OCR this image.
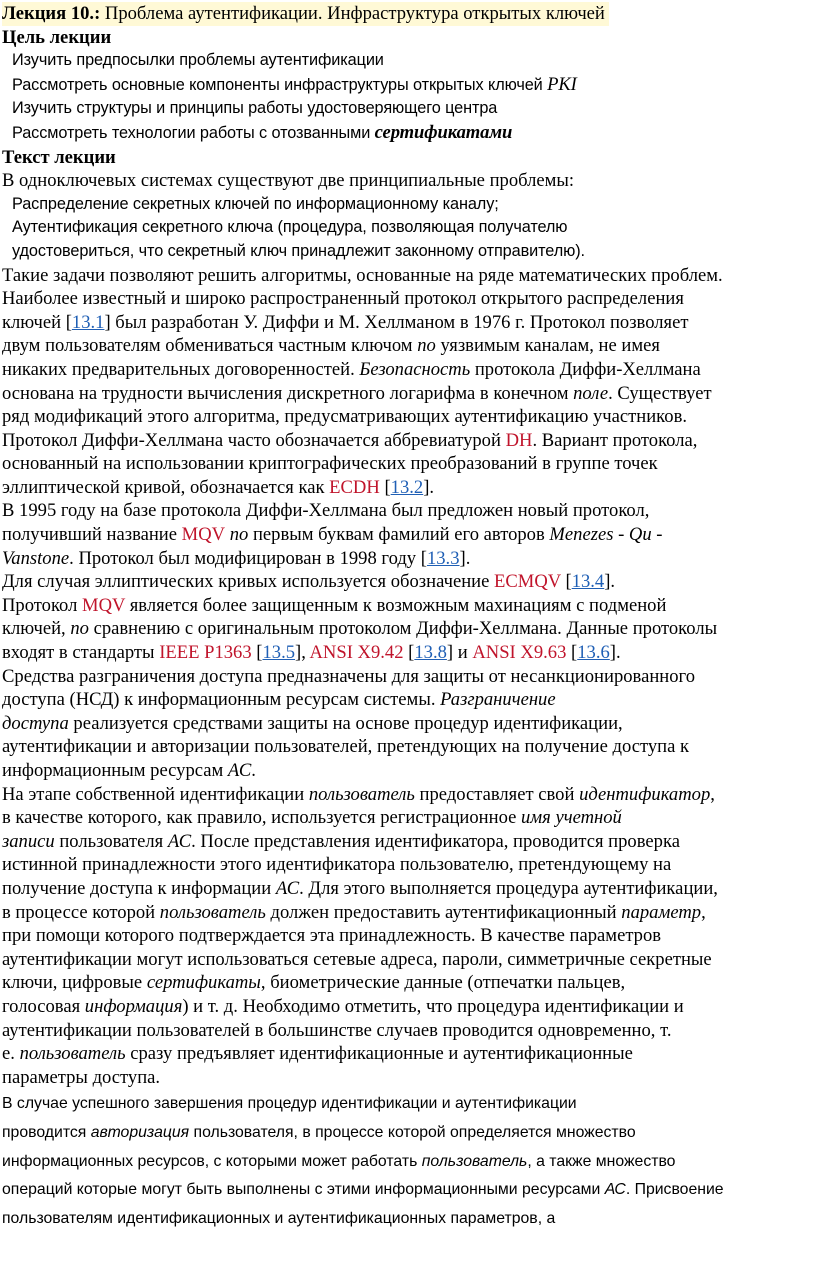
Лекция 10.: Проблема аутентификации. Инфраструктура открытых ключей
Цель лекции
Изучить предпосылки проблемы аутентификации
Рассмотреть основные компоненты инфраструктуры открытых ключей PKI
Изучить структуры и принципы работы удостоверяющего центра
Рассмотреть технологии работы с отозванными сертификатами
Текст лекции
В одноключевых системах существуют две принципиальные проблемы:
Распределение секретных ключей по информационному каналу;
Аутентификация секретного ключа (процедура, позволяющая получателю
удостовериться, что секретный ключ принадлежит законному отправителю).
Такие задачи позволяют решить алгоритмы, основанные на ряде математических проблем.
Наиболее известный и широко распространенный протокол открытого распределения
ключей [13.1] был разработан У. Диффи и М. Хеллманом в 1976 г. Протокол позволяет
двум пользователям обмениваться частным ключом по уязвимым каналам, не имея
никаких предварительных договоренностей. Безопасность протокола Диффи-Хеллмана
основана на трудности вычисления дискретного логарифма в конечном поле. Существует
ряд модификаций этого алгоритма, предусматривающих аутентификацию участников.
Протокол Диффи-Хеллмана часто обозначается аббревиатурой DH. Вариант протокола,
основанный на использовании криптографических преобразований в группе точек
эллиптической кривой, обозначается как ECDH [13.2].
В 1995 году на базе протокола Диффи-Хеллмана был предложен новый протокол,
получивший название MQV по первым буквам фамилий его авторов Menezes - Qu -
Vanstone. Протокол был модифицирован в 1998 году [13.3].
Для случая эллиптических кривых используется обозначение ECMQV [13.4].
Протокол MQV является более защищенным к возможным махинациям с подменой
ключей, по сравнению с оригинальным протоколом Диффи-Хеллмана. Данные протоколы
входят в стандарты IEEE P1363 [13.5], ANSI X9.42 [13.8] и ANSI X9.63 [13.6].
Средства разграничения доступа предназначены для защиты от несанкционированного
доступа (НСД) к информационным ресурсам системы. Разграничение
доступа реализуется средствами защиты на основе процедур идентификации,
аутентификации и авторизации пользователей, претендующих на получение доступа к
информационным ресурсам АС.
На этапе собственной идентификации пользователь предоставляет свой идентификатор,
в качестве которого, как правило, используется регистрационное имя учетной
записи пользователя АС. После представления идентификатора, проводится проверка
истинной принадлежности этого идентификатора пользователю, претендующему на
получение доступа к информации АС. Для этого выполняется процедура аутентификации,
в процессе которой пользователь должен предоставить аутентификационный параметр,
при помощи которого подтверждается эта принадлежность. В качестве параметров
аутентификации могут использоваться сетевые адреса, пароли, симметричные секретные
ключи, цифровые сертификаты, биометрические данные (отпечатки пальцев,
голосовая информация) и т. д. Необходимо отметить, что процедура идентификации и
аутентификации пользователей в большинстве случаев проводится одновременно, т.
е. пользователь сразу предъявляет идентификационные и аутентификационные
параметры доступа.
В случае успешного завершения процедур идентификации и аутентификации
проводится авторизация пользователя, в процессе которой определяется множество
информационных ресурсов, с которыми может работать пользователь, а также множество
операций которые могут быть выполнены с этими информационными ресурсами АС. Присвоение
пользователям идентификационных и аутентификационных параметров, а
